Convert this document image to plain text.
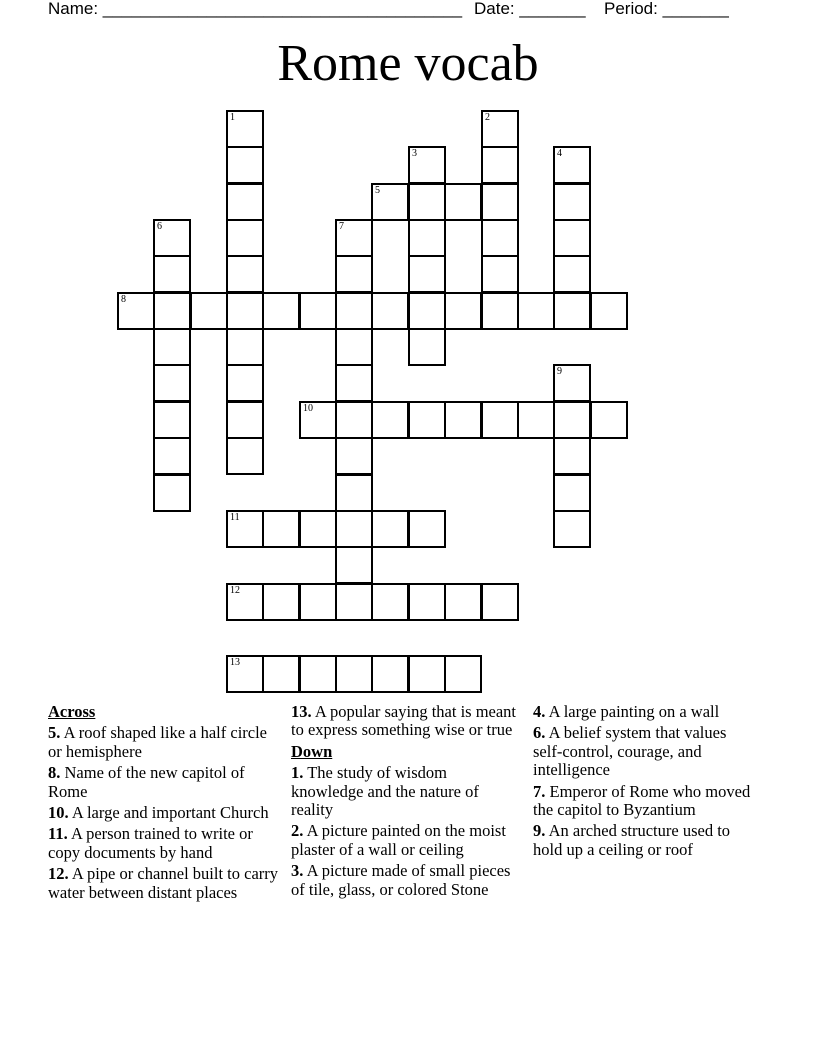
Name: ______________________________________ Date: _______ Period: _______
Rome vocab
1	2
3	4
5
6	7
8
9
10
11
12
13
Across
5. A roof shaped like a half circle or hemisphere
8. Name of the new capitol of Rome
10. A large and important Church
11. A person trained to write or copy documents by hand
12. A pipe or channel built to carry water between distant places
13. A popular saying that is meant to express something wise or true
Down
1. The study of wisdom knowledge and the nature of reality
2. A picture painted on the moist plaster of a wall or ceiling
3. A picture made of small pieces of tile, glass, or colored Stone
4. A large painting on a wall
6. A belief system that values self-control, courage, and intelligence
7. Emperor of Rome who moved the capitol to Byzantium
9. An arched structure used to hold up a ceiling or roof
